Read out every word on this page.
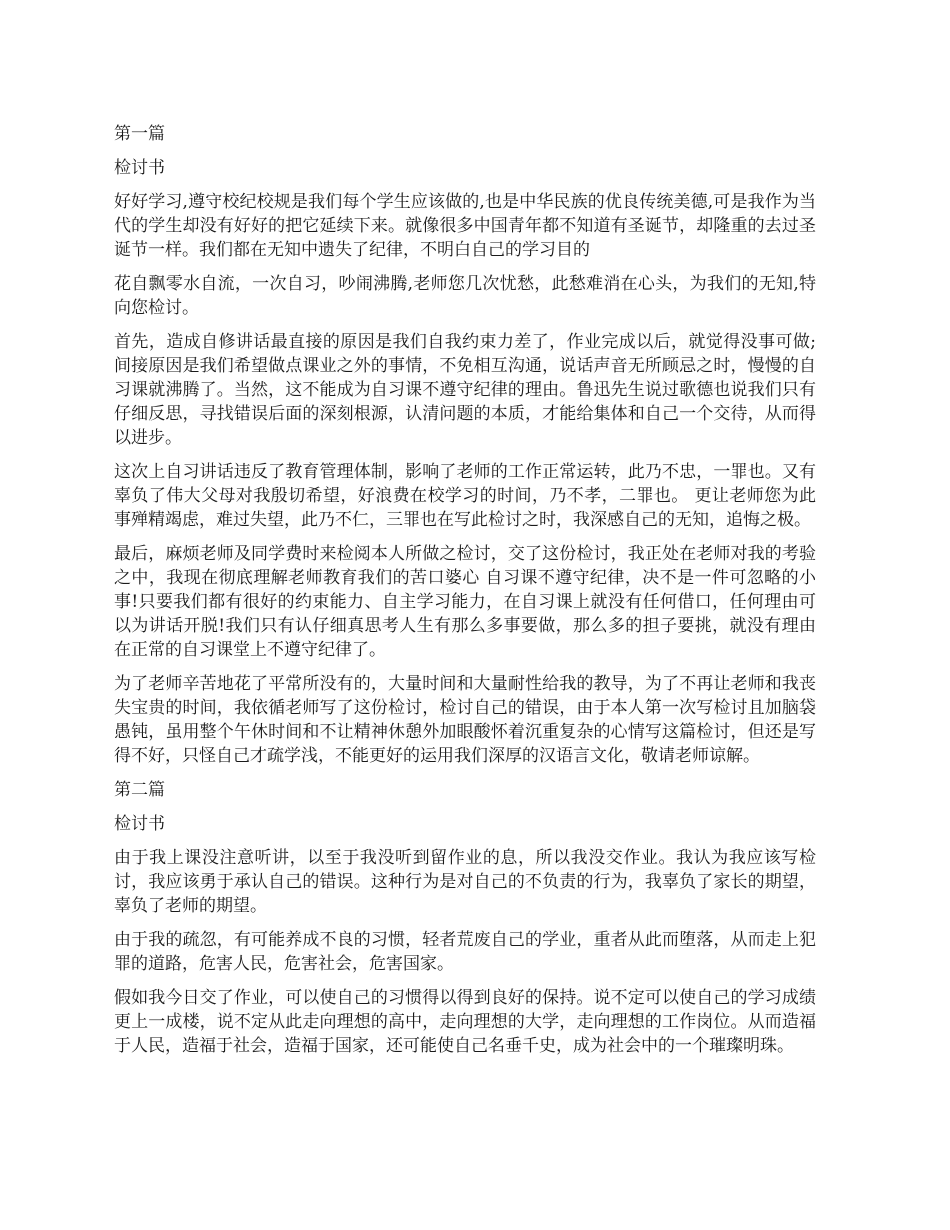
第一篇
检讨书
好好学习,遵守校纪校规是我们每个学生应该做的,也是中华民族的优良传统美德,可是我作为当代的学生却没有好好的把它延续下来。就像很多中国青年都不知道有圣诞节，却隆重的去过圣诞节一样。我们都在无知中遗失了纪律，不明白自己的学习目的
花自飘零水自流，一次自习，吵闹沸腾,老师您几次忧愁，此愁难消在心头，为我们的无知,特向您检讨。
首先，造成自修讲话最直接的原因是我们自我约束力差了，作业完成以后，就觉得没事可做;间接原因是我们希望做点课业之外的事情，不免相互沟通，说话声音无所顾忌之时，慢慢的自习课就沸腾了。当然，这不能成为自习课不遵守纪律的理由。鲁迅先生说过歌德也说我们只有仔细反思，寻找错误后面的深刻根源，认清问题的本质，才能给集体和自己一个交待，从而得以进步。
这次上自习讲话违反了教育管理体制，影响了老师的工作正常运转，此乃不忠，一罪也。又有辜负了伟大父母对我殷切希望，好浪费在校学习的时间，乃不孝，二罪也。 更让老师您为此事殚精竭虑，难过失望，此乃不仁，三罪也在写此检讨之时，我深感自己的无知，追悔之极。
最后，麻烦老师及同学费时来检阅本人所做之检讨，交了这份检讨，我正处在老师对我的考验之中，我现在彻底理解老师教育我们的苦口婆心 自习课不遵守纪律，决不是一件可忽略的小事!只要我们都有很好的约束能力、自主学习能力，在自习课上就没有任何借口，任何理由可以为讲话开脱!我们只有认仔细真思考人生有那么多事要做，那么多的担子要挑，就没有理由在正常的自习课堂上不遵守纪律了。
为了老师辛苦地花了平常所没有的，大量时间和大量耐性给我的教导，为了不再让老师和我丧失宝贵的时间，我依循老师写了这份检讨，检讨自己的错误，由于本人第一次写检讨且加脑袋愚钝，虽用整个午休时间和不让精神休憩外加眼酸怀着沉重复杂的心情写这篇检讨，但还是写得不好，只怪自己才疏学浅，不能更好的运用我们深厚的汉语言文化，敬请老师谅解。
第二篇
检讨书
由于我上课没注意听讲，以至于我没听到留作业的息，所以我没交作业。我认为我应该写检讨，我应该勇于承认自己的错误。这种行为是对自己的不负责的行为，我辜负了家长的期望，辜负了老师的期望。
由于我的疏忽，有可能养成不良的习惯，轻者荒废自己的学业，重者从此而堕落，从而走上犯罪的道路，危害人民，危害社会，危害国家。
假如我今日交了作业，可以使自己的习惯得以得到良好的保持。说不定可以使自己的学习成绩更上一成楼，说不定从此走向理想的高中，走向理想的大学，走向理想的工作岗位。从而造福于人民，造福于社会，造福于国家，还可能使自己名垂千史，成为社会中的一个璀璨明珠。
